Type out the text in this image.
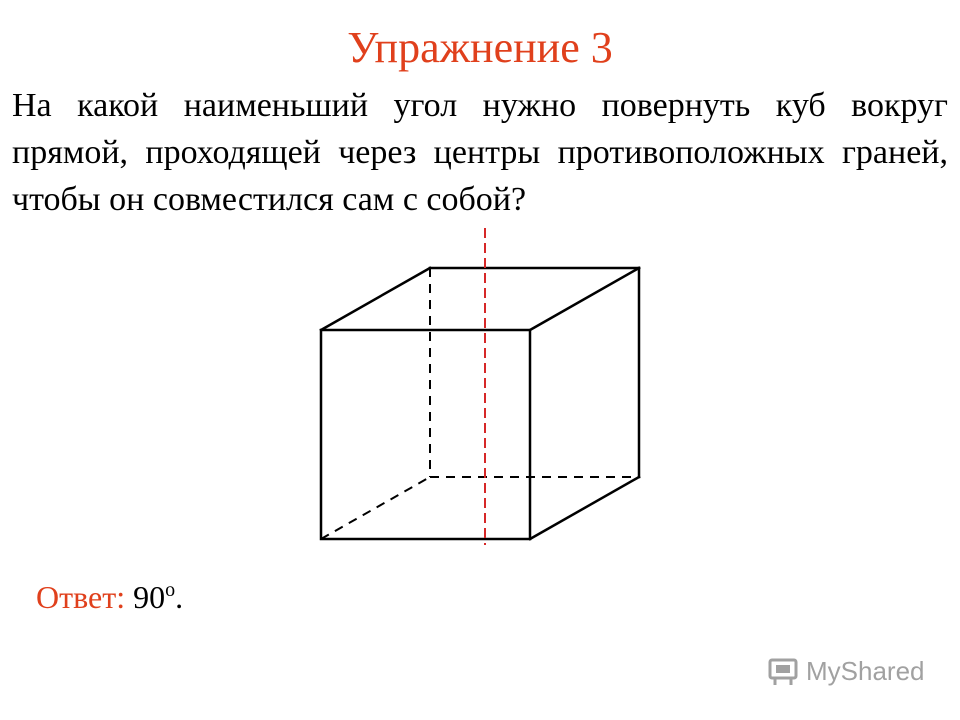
Упражнение 3

На какой наименьший угол нужно повернуть куб вокруг прямой, проходящей через центры противоположных граней, чтобы он совместился сам с собой?

Ответ: 90$^o$.
MyShared
